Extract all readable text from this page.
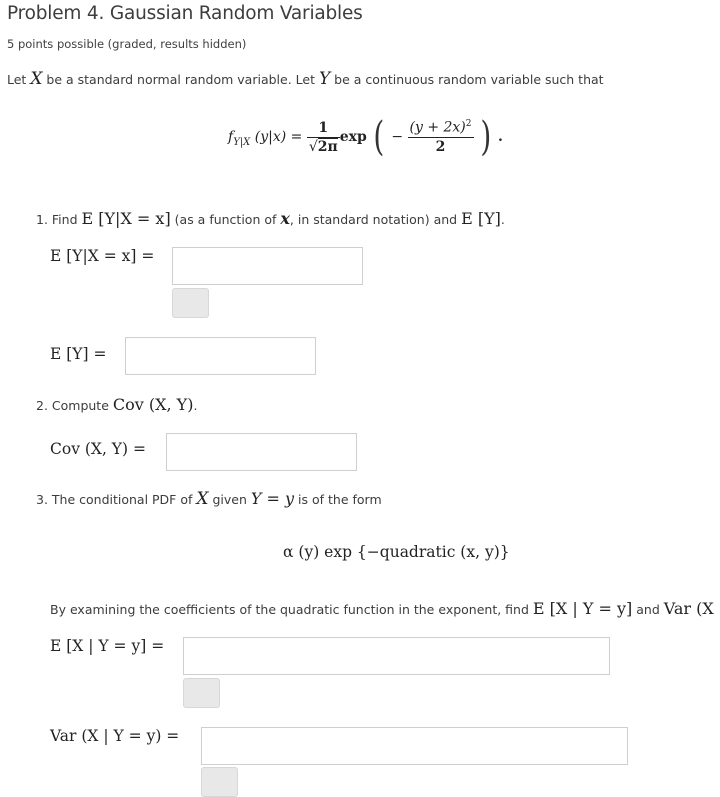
Problem 4. Gaussian Random Variables
5 points possible (graded, results hidden)
Let X be a standard normal random variable. Let Y be a continuous random variable such that
$f_{Y|X}$ $(y|x) = \frac{1}{√2\pi}$ exp ( − $\frac{(y + 2x)^2}{2}$ ) .
1. Find E [Y|X = x] (as a function of x, in standard notation) and E [Y].
E [Y|X = x] =
E [Y] =
2. Compute Cov (X, Y).
Cov (X, Y) =
3. The conditional PDF of X given Y = y is of the form
α (y) exp {−quadratic (x, y)}
By examining the coefficients of the quadratic function in the exponent, find E [X | Y = y] and Var (X
E [X | Y = y] =
Var (X | Y = y) =
